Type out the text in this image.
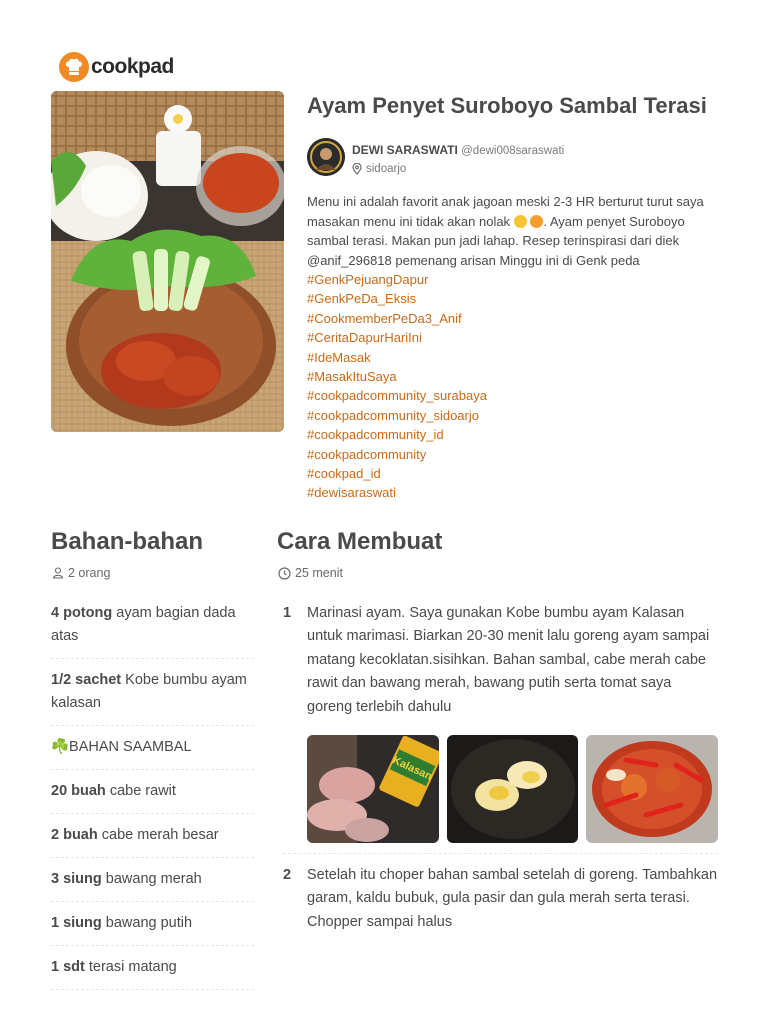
cookpad
Ayam Penyet Suroboyo Sambal Terasi
DEWI SARASWATI @dewi008saraswati
sidoarjo

Menu ini adalah favorit anak jagoan meski 2-3 HR berturut turut saya masakan menu ini tidak akan nolak  . Ayam penyet Suroboyo sambal terasi. Makan pun jadi lahap. Resep terinspirasi dari diek @anif_296818 pemenang arisan Minggu ini di Genk peda

#GenkPejuangDapur
#GenkPeDa_Eksis
#CookmemberPeDa3_Anif
#CeritaDapurHariIni
#IdeMasak
#MasakItuSaya
#cookpadcommunity_surabaya
#cookpadcommunity_sidoarjo
#cookpadcommunity_id
#cookpadcommunity
#cookpad_id
#dewisaraswati
Bahan-bahan
2 orang
4 potong ayam bagian dada atas
1/2 sachet Kobe bumbu ayam kalasan
☘️BAHAN SAAMBAL
20 buah cabe rawit
2 buah cabe merah besar
3 siung bawang merah
1 siung bawang putih
1 sdt terasi matang
Cara Membuat
25 menit
1 Marinasi ayam. Saya gunakan Kobe bumbu ayam Kalasan untuk marimasi. Biarkan 20-30 menit lalu goreng ayam sampai matang kecoklatan.sisihkan. Bahan sambal, cabe merah cabe rawit dan bawang merah, bawang putih serta tomat saya goreng terlebih dahulu

Kalasan
2 Setelah itu choper bahan sambal setelah di goreng. Tambahkan garam, kaldu bubuk, gula pasir dan gula merah serta terasi. Chopper sampai halus
